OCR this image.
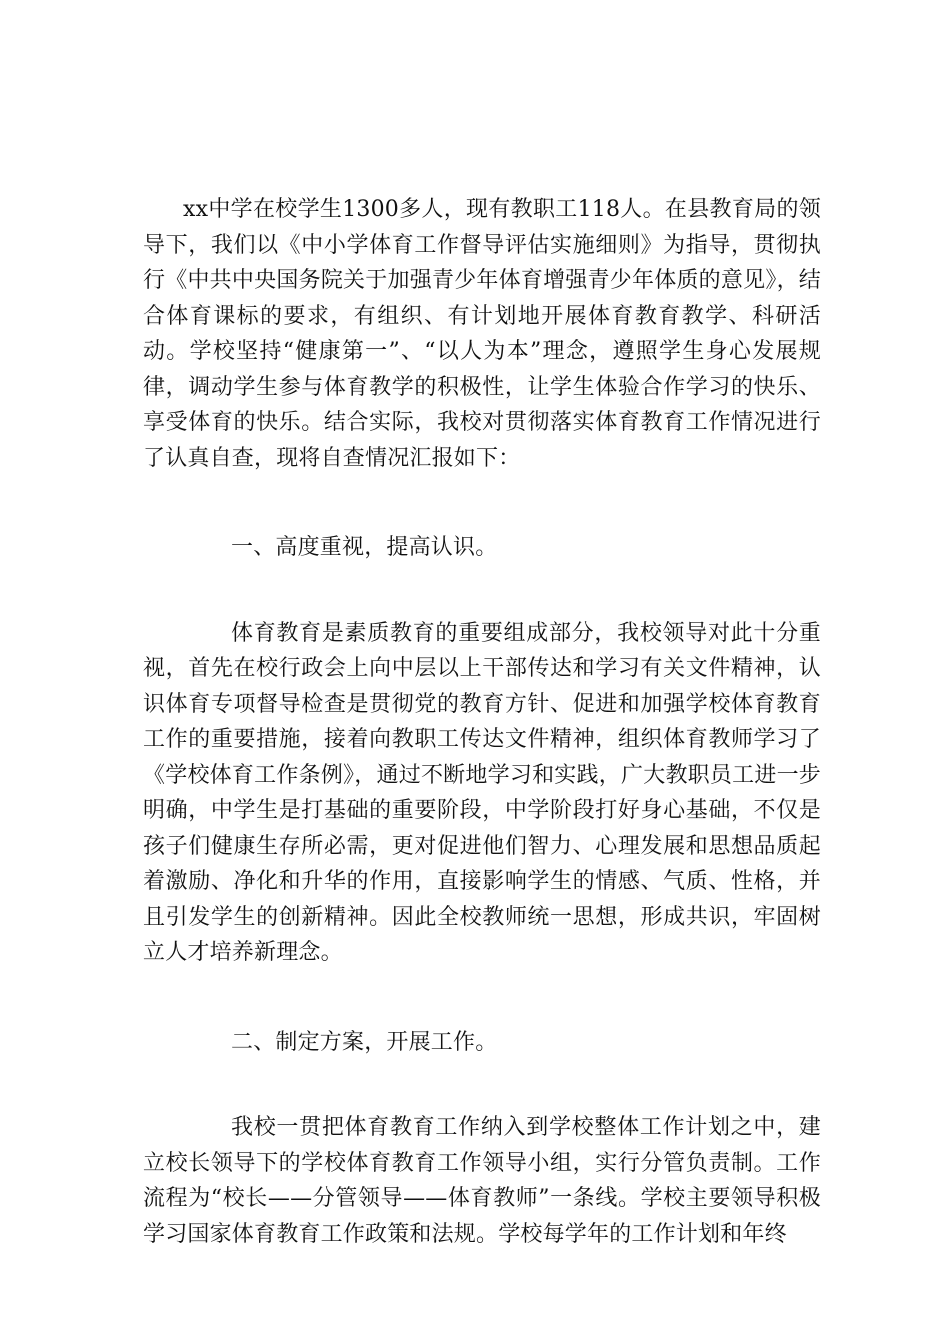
xx中学在校学生1300多人，现有教职工118人。在县教育局的领导下，我们以《中小学体育工作督导评估实施细则》为指导，贯彻执行《中共中央国务院关于加强青少年体育增强青少年体质的意见》，结合体育课标的要求，有组织、有计划地开展体育教育教学、科研活动。学校坚持“健康第一”、“以人为本”理念，遵照学生身心发展规律，调动学生参与体育教学的积极性，让学生体验合作学习的快乐、享受体育的快乐。结合实际，我校对贯彻落实体育教育工作情况进行了认真自查，现将自查情况汇报如下：

一、高度重视，提高认识。

体育教育是素质教育的重要组成部分，我校领导对此十分重视，首先在校行政会上向中层以上干部传达和学习有关文件精神，认识体育专项督导检查是贯彻党的教育方针、促进和加强学校体育教育工作的重要措施，接着向教职工传达文件精神，组织体育教师学习了《学校体育工作条例》，通过不断地学习和实践，广大教职员工进一步明确，中学生是打基础的重要阶段，中学阶段打好身心基础，不仅是孩子们健康生存所必需，更对促进他们智力、心理发展和思想品质起着激励、净化和升华的作用，直接影响学生的情感、气质、性格，并且引发学生的创新精神。因此全校教师统一思想，形成共识，牢固树立人才培养新理念。

二、制定方案，开展工作。

我校一贯把体育教育工作纳入到学校整体工作计划之中，建立校长领导下的学校体育教育工作领导小组，实行分管负责制。工作流程为“校长——分管领导——体育教师”一条线。学校主要领导积极学习国家体育教育工作政策和法规。学校每学年的工作计划和年终
